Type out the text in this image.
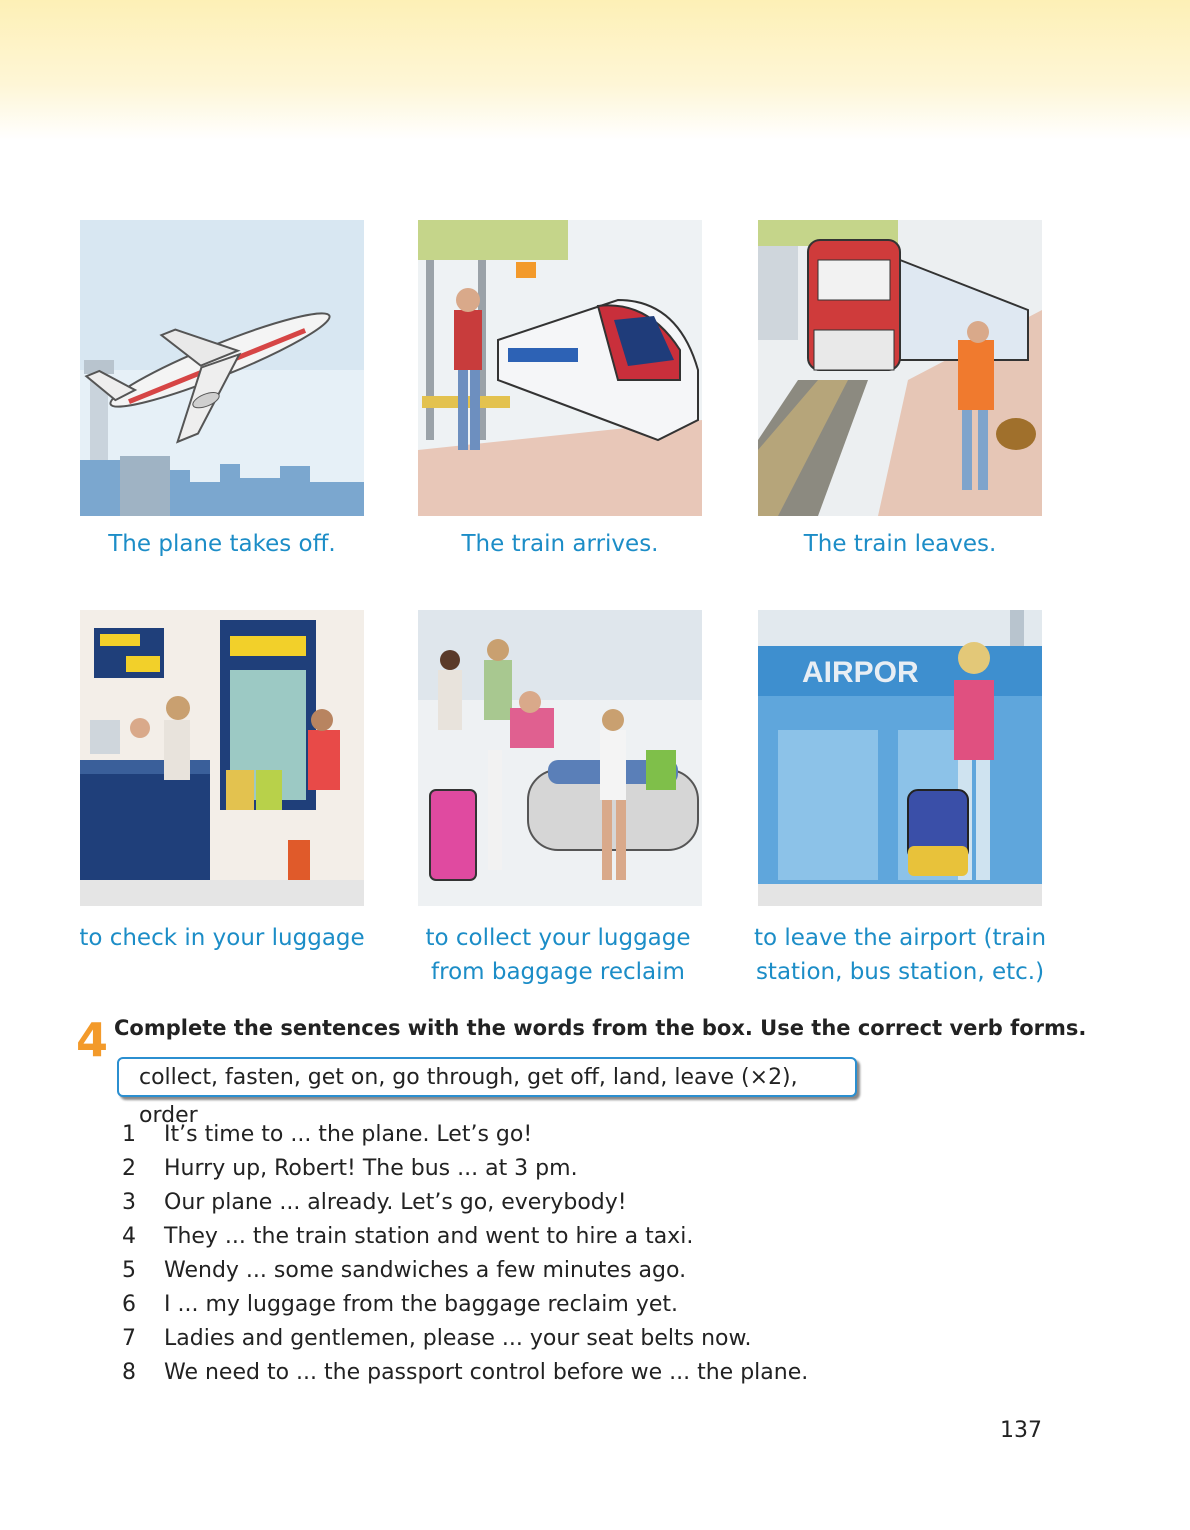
AIRPOR
The plane takes off.	The train arrives.	The train leaves.
to check in your luggage	to collect your luggage
from baggage reclaim
to leave the airport (train
station, bus station, etc.)
4 Complete the sentences with the words from the box. Use the correct verb forms.
collect, fasten, get on, go through, get off, land, leave (×2), order
1 It’s time to ... the plane. Let’s go!
2 Hurry up, Robert! The bus ... at 3 pm.
3 Our plane ... already. Let’s go, everybody!
4 They ... the train station and went to hire a taxi.
5 Wendy ... some sandwiches a few minutes ago.
6 I ... my luggage from the baggage reclaim yet.
7 Ladies and gentlemen, please ... your seat belts now.
8 We need to ... the passport control before we ... the plane.
137
